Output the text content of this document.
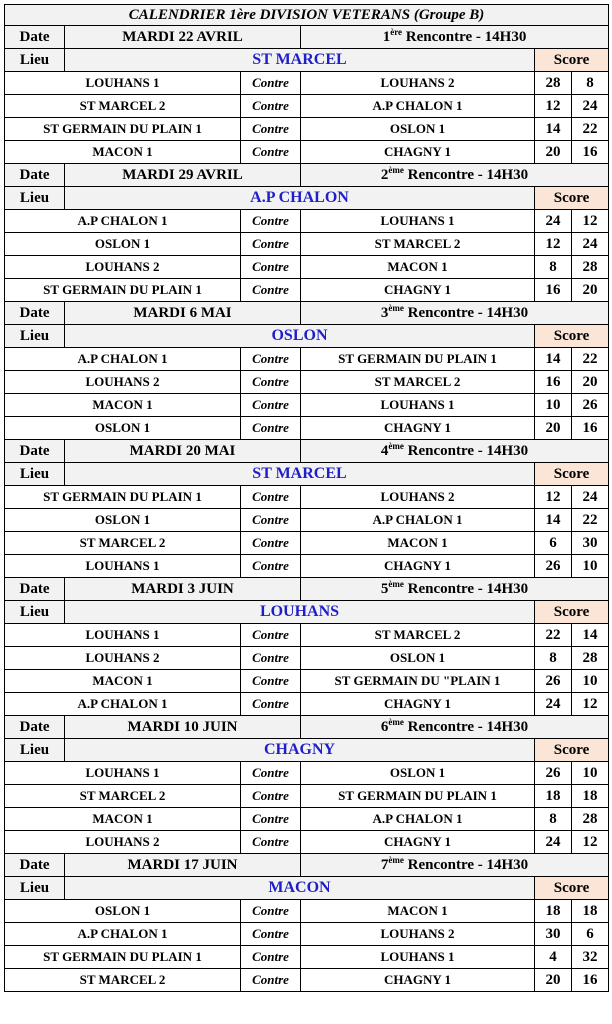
CALENDRIER 1ère DIVISION VETERANS (Groupe B)					
Date	MARDI 22 AVRIL		1ère Rencontre - 14H30		
Lieu	ST MARCEL			Score	
LOUHANS 1		Contre	LOUHANS 2	28	8
ST MARCEL 2		Contre	A.P CHALON 1	12	24
ST GERMAIN DU PLAIN 1		Contre	OSLON 1	14	22
MACON 1		Contre	CHAGNY 1	20	16
Date	MARDI 29 AVRIL		2ème Rencontre - 14H30		
Lieu	A.P CHALON			Score	
A.P CHALON 1		Contre	LOUHANS 1	24	12
OSLON 1		Contre	ST MARCEL 2	12	24
LOUHANS 2		Contre	MACON 1	8	28
ST GERMAIN DU PLAIN 1		Contre	CHAGNY 1	16	20
Date	MARDI 6 MAI		3ème Rencontre - 14H30		
Lieu	OSLON			Score	
A.P CHALON 1		Contre	ST GERMAIN DU PLAIN 1	14	22
LOUHANS 2		Contre	ST MARCEL 2	16	20
MACON 1		Contre	LOUHANS 1	10	26
OSLON 1		Contre	CHAGNY 1	20	16
Date	MARDI 20 MAI		4ème Rencontre - 14H30		
Lieu	ST MARCEL			Score	
ST GERMAIN DU PLAIN 1		Contre	LOUHANS 2	12	24
OSLON 1		Contre	A.P CHALON 1	14	22
ST MARCEL 2		Contre	MACON 1	6	30
LOUHANS 1		Contre	CHAGNY 1	26	10
Date	MARDI 3 JUIN		5ème Rencontre - 14H30		
Lieu	LOUHANS			Score	
LOUHANS 1		Contre	ST MARCEL 2	22	14
LOUHANS 2		Contre	OSLON 1	8	28
MACON 1		Contre	ST GERMAIN DU "PLAIN 1	26	10
A.P CHALON 1		Contre	CHAGNY 1	24	12
Date	MARDI 10 JUIN		6ème Rencontre - 14H30		
Lieu	CHAGNY			Score	
LOUHANS 1		Contre	OSLON 1	26	10
ST MARCEL 2		Contre	ST GERMAIN DU PLAIN 1	18	18
MACON 1		Contre	A.P CHALON 1	8	28
LOUHANS 2		Contre	CHAGNY 1	24	12
Date	MARDI 17 JUIN		7ème Rencontre - 14H30		
Lieu	MACON			Score	
OSLON 1		Contre	MACON 1	18	18
A.P CHALON 1		Contre	LOUHANS 2	30	6
ST GERMAIN DU PLAIN 1		Contre	LOUHANS 1	4	32
ST MARCEL 2		Contre	CHAGNY 1	20	16
